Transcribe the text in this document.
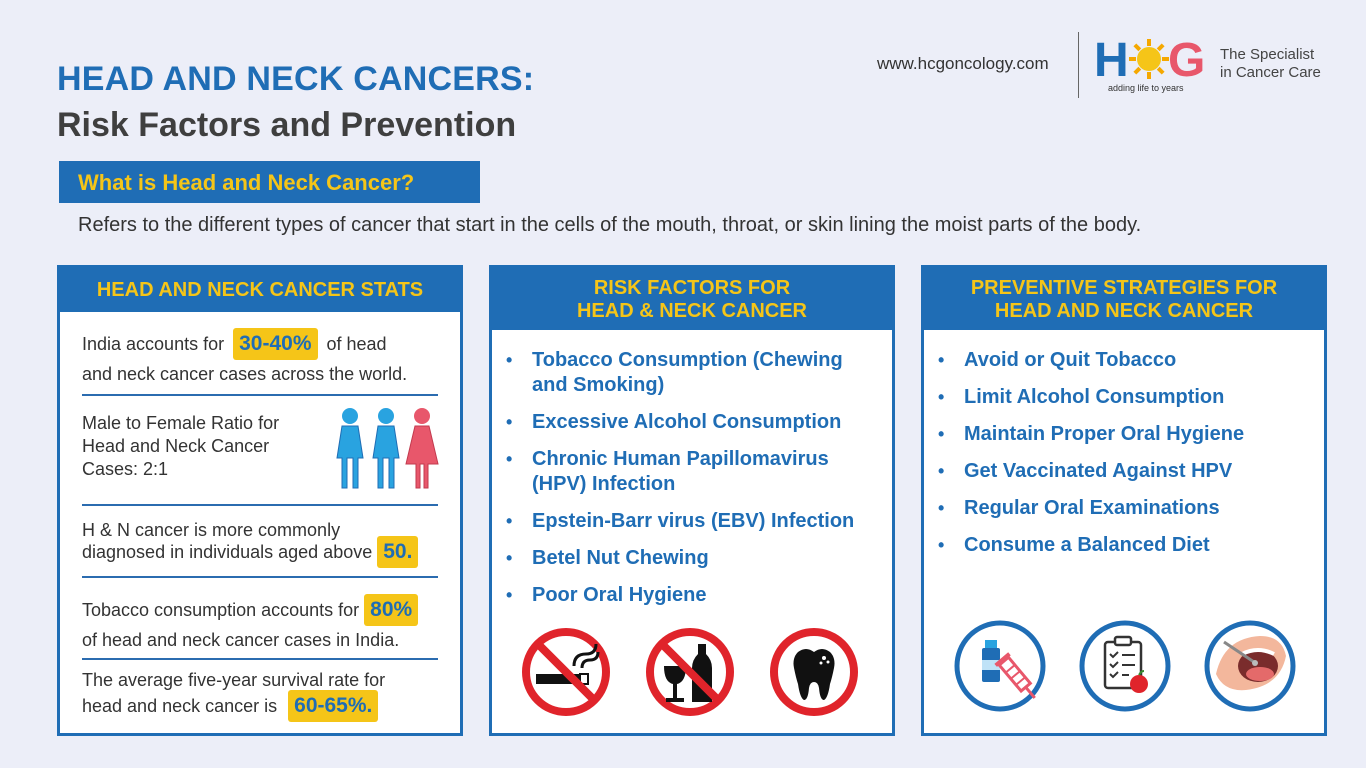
HEAD AND NECK CANCERS:
Risk Factors and Prevention
www.hcgoncology.com H G
adding life to years
The Specialist
in Cancer Care
What is Head and Neck Cancer?
Refers to the different types of cancer that start in the cells of the mouth, throat, or skin lining the moist parts of the body.
HEAD AND NECK CANCER STATS
India accounts for 30-40% of head
and neck cancer cases across the world.
Male to Female Ratio for
Head and Neck Cancer
Cases: 2:1
H & N cancer is more commonly
diagnosed in individuals aged above 50.
Tobacco consumption accounts for 80%
of head and neck cancer cases in India.
The average five-year survival rate for
head and neck cancer is 60-65%.
RISK FACTORS FOR
HEAD & NECK CANCER
• Tobacco Consumption (Chewing
and Smoking)
• Excessive Alcohol Consumption
• Chronic Human Papillomavirus
(HPV) Infection
• Epstein-Barr virus (EBV) Infection
• Betel Nut Chewing
• Poor Oral Hygiene
PREVENTIVE STRATEGIES FOR
HEAD AND NECK CANCER
• Avoid or Quit Tobacco
• Limit Alcohol Consumption
• Maintain Proper Oral Hygiene
• Get Vaccinated Against HPV
• Regular Oral Examinations
• Consume a Balanced Diet
